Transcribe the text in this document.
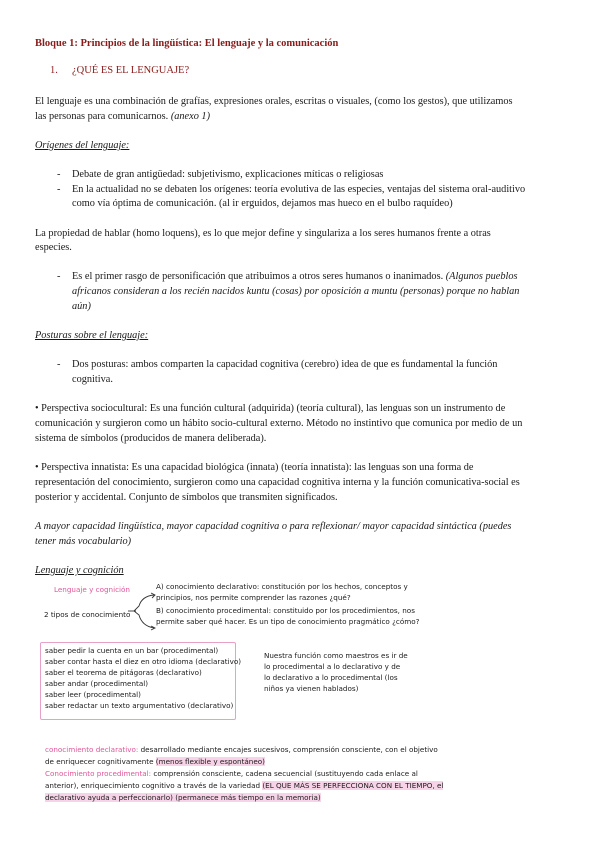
Bloque 1: Principios de la lingüística: El lenguaje y la comunicación
1. ¿QUÉ ES EL LENGUAJE?
El lenguaje es una combinación de grafías, expresiones orales, escritas o visuales, (como los gestos), que utilizamos
las personas para comunicarnos. (anexo 1)
Orígenes del lenguaje:
- Debate de gran antigüedad: subjetivismo, explicaciones míticas o religiosas
- En la actualidad no se debaten los orígenes: teoría evolutiva de las especies, ventajas del sistema oral-auditivo
como vía óptima de comunicación. (al ir erguidos, dejamos mas hueco en el bulbo raquídeo)
La propiedad de hablar (homo loquens), es lo que mejor define y singulariza a los seres humanos frente a otras
especies.
- Es el primer rasgo de personificación que atribuimos a otros seres humanos o inanimados. (Algunos pueblos
africanos consideran a los recién nacidos kuntu (cosas) por oposición a muntu (personas) porque no hablan
aún)
Posturas sobre el lenguaje:
- Dos posturas: ambos comparten la capacidad cognitiva (cerebro) idea de que es fundamental la función
cognitiva.
• Perspectiva sociocultural: Es una función cultural (adquirida) (teoría cultural), las lenguas son un instrumento de
comunicación y surgieron como un hábito socio-cultural externo. Método no instintivo que comunica por medio de un
sistema de símbolos (producidos de manera deliberada).
• Perspectiva innatista: Es una capacidad biológica (innata) (teoría innatista): las lenguas son una forma de
representación del conocimiento, surgieron como una capacidad cognitiva interna y la función comunicativa-social es
posterior y accidental. Conjunto de símbolos que transmiten significados.
A mayor capacidad lingüística, mayor capacidad cognitiva o para reflexionar/ mayor capacidad sintáctica (puedes
tener más vocabulario)
Lenguaje y cognición
Lenguaje y cognición
2 tipos de conocimiento
A) conocimiento declarativo: constitución por los hechos, conceptos y
principios, nos permite comprender las razones ¿qué?
B) conocimiento procedimental: constituido por los procedimientos, nos
permite saber qué hacer. Es un tipo de conocimiento pragmático ¿cómo?
saber pedir la cuenta en un bar (procedimental)
saber contar hasta el diez en otro idioma (declarativo)
saber el teorema de pitágoras (declarativo)
saber andar (procedimental)
saber leer (procedimental)
saber redactar un texto argumentativo (declarativo)
Nuestra función como maestros es ir de
lo procedimental a lo declarativo y de
lo declarativo a lo procedimental (los
niños ya vienen hablados)
conocimiento declarativo: desarrollado mediante encajes sucesivos, comprensión consciente, con el objetivo
de enriquecer cognitivamente (menos flexible y espontáneo)
Conocimiento procedimental: comprensión consciente, cadena secuencial (sustituyendo cada enlace al
anterior), enriquecimiento cognitivo a través de la variedad (EL QUE MÁS SE PERFECCIONA CON EL TIEMPO, el
declarativo ayuda a perfeccionarlo) (permanece más tiempo en la memoria)
